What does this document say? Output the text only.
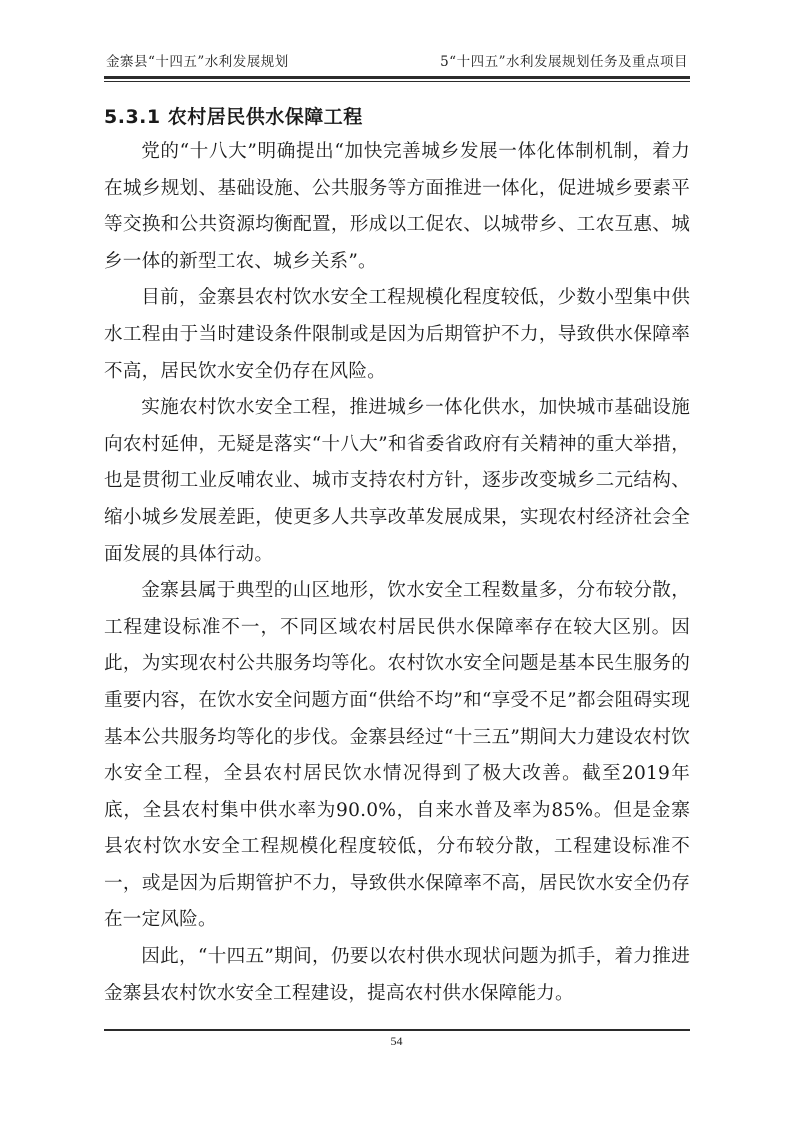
金寨县“十四五”水利发展规划	5“十四五”水利发展规划任务及重点项目
5.3.1 农村居民供水保障工程

党的“十八大”明确提出“加快完善城乡发展一体化体制机制，着力在城乡规划、基础设施、公共服务等方面推进一体化，促进城乡要素平等交换和公共资源均衡配置，形成以工促农、以城带乡、工农互惠、城乡一体的新型工农、城乡关系”。

目前，金寨县农村饮水安全工程规模化程度较低，少数小型集中供水工程由于当时建设条件限制或是因为后期管护不力，导致供水保障率不高，居民饮水安全仍存在风险。

实施农村饮水安全工程，推进城乡一体化供水，加快城市基础设施向农村延伸，无疑是落实“十八大”和省委省政府有关精神的重大举措，也是贯彻工业反哺农业、城市支持农村方针，逐步改变城乡二元结构、缩小城乡发展差距，使更多人共享改革发展成果，实现农村经济社会全面发展的具体行动。

金寨县属于典型的山区地形，饮水安全工程数量多，分布较分散，工程建设标准不一，不同区域农村居民供水保障率存在较大区别。因此，为实现农村公共服务均等化。农村饮水安全问题是基本民生服务的重要内容，在饮水安全问题方面“供给不均”和“享受不足”都会阻碍实现基本公共服务均等化的步伐。金寨县经过“十三五”期间大力建设农村饮水安全工程，全县农村居民饮水情况得到了极大改善。截至2019年底，全县农村集中供水率为90.0%，自来水普及率为85%。但是金寨县农村饮水安全工程规模化程度较低，分布较分散，工程建设标准不一，或是因为后期管护不力，导致供水保障率不高，居民饮水安全仍存在一定风险。

因此，“十四五”期间，仍要以农村供水现状问题为抓手，着力推进金寨县农村饮水安全工程建设，提高农村供水保障能力。

54
